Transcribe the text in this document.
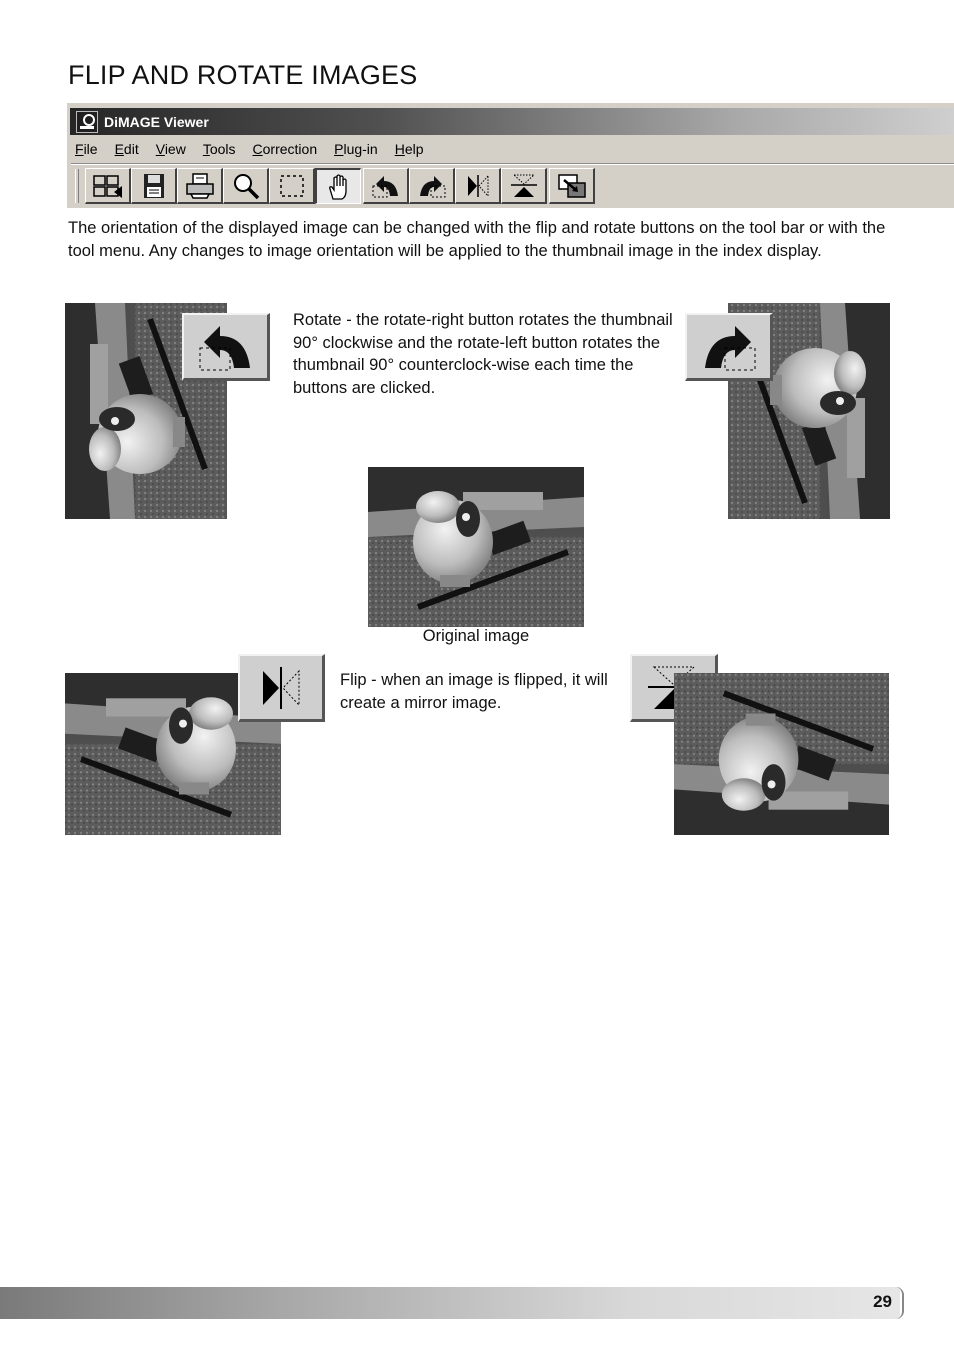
FLIP AND ROTATE IMAGES
DiMAGE Viewer
File Edit View Tools Correction Plug-in Help

The orientation of the displayed image can be changed with the flip and rotate buttons on the tool bar or with the tool menu. Any changes to image orientation will be applied to the thumbnail image in the index display.

Rotate - the rotate-right button rotates the thumbnail 90° clockwise and the rotate-left button rotates the thumbnail 90° counterclock-wise each time the buttons are clicked.

Original image

Flip - when an image is flipped, it will create a mirror image.

29
